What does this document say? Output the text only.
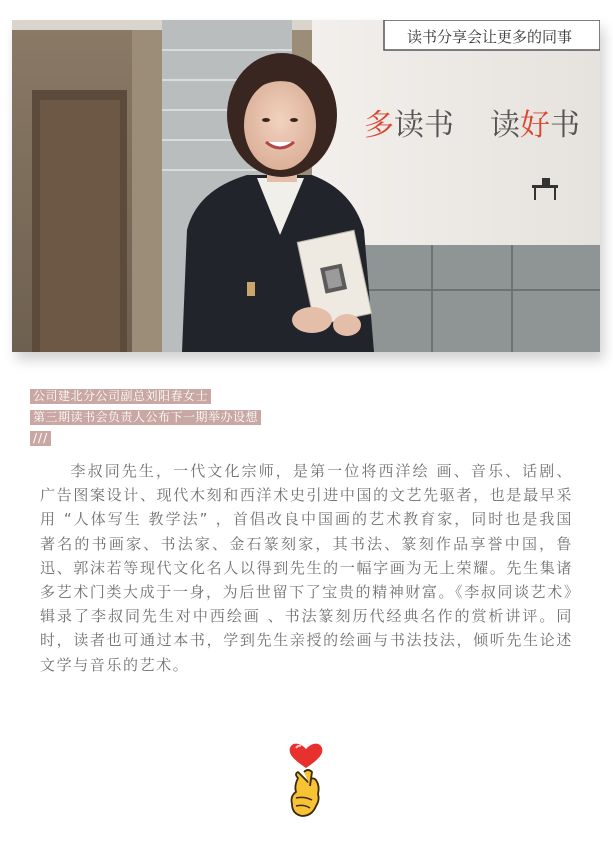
读书分享会让更多的同事
多 读书 读 好 书
公司建北分公司副总刘阳春女士
第三期读书会负责人公布下一期举办设想
///

李叔同先生，一代文化宗师，是第一位将西洋绘 画、音乐、话剧、广告图案设计、现代木刻和西洋术史引进中国的文艺先驱者，也是最早采用 “人体写生 教学法” ，首倡改良中国画的艺术教育家，同时也是我国著名的书画家、书法家、金石篆刻家，其书法、篆刻作品享誉中国，鲁迅、郭沫若等现代文化名人以得到先生的一幅字画为无上荣耀。先生集诸多艺术门类大成于一身，为后世留下了宝贵的精神财富。《李叔同谈艺术》辑录了李叔同先生对中西绘画 、书法篆刻历代经典名作的赏析讲评。同时，读者也可通过本书，学到先生亲授的绘画与书法技法，倾听先生论述文学与音乐的艺术。
